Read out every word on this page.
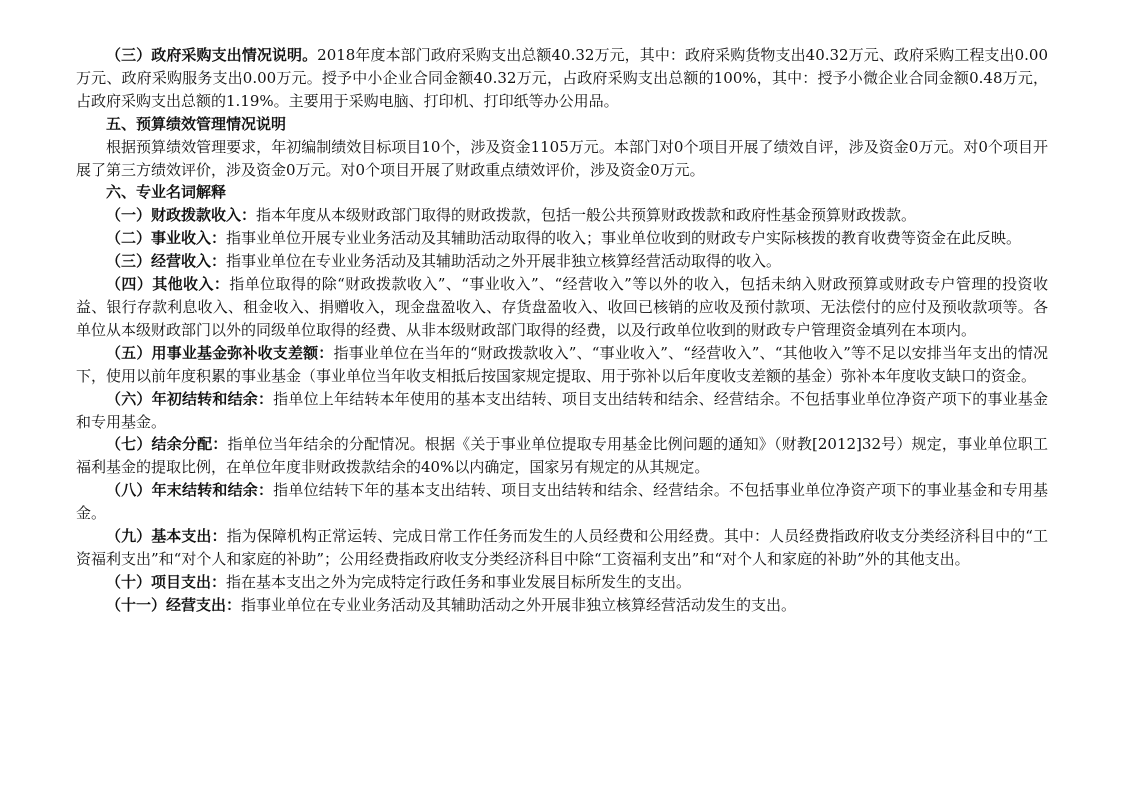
（三）政府采购支出情况说明。2018年度本部门政府采购支出总额40.32万元，其中：政府采购货物支出40.32万元、政府采购工程支出0.00万元、政府采购服务支出0.00万元。授予中小企业合同金额40.32万元，占政府采购支出总额的100%，其中：授予小微企业合同金额0.48万元，占政府采购支出总额的1.19%。主要用于采购电脑、打印机、打印纸等办公用品。

五、预算绩效管理情况说明

根据预算绩效管理要求，年初编制绩效目标项目10个，涉及资金1105万元。本部门对0个项目开展了绩效自评，涉及资金0万元。对0个项目开展了第三方绩效评价，涉及资金0万元。对0个项目开展了财政重点绩效评价，涉及资金0万元。

六、专业名词解释

（一）财政拨款收入：指本年度从本级财政部门取得的财政拨款，包括一般公共预算财政拨款和政府性基金预算财政拨款。

（二）事业收入：指事业单位开展专业业务活动及其辅助活动取得的收入；事业单位收到的财政专户实际核拨的教育收费等资金在此反映。

（三）经营收入：指事业单位在专业业务活动及其辅助活动之外开展非独立核算经营活动取得的收入。

（四）其他收入：指单位取得的除“财政拨款收入”、“事业收入”、“经营收入”等以外的收入，包括未纳入财政预算或财政专户管理的投资收益、银行存款利息收入、租金收入、捐赠收入，现金盘盈收入、存货盘盈收入、收回已核销的应收及预付款项、无法偿付的应付及预收款项等。各单位从本级财政部门以外的同级单位取得的经费、从非本级财政部门取得的经费，以及行政单位收到的财政专户管理资金填列在本项内。

（五）用事业基金弥补收支差额：指事业单位在当年的“财政拨款收入”、“事业收入”、“经营收入”、“其他收入”等不足以安排当年支出的情况下，使用以前年度积累的事业基金（事业单位当年收支相抵后按国家规定提取、用于弥补以后年度收支差额的基金）弥补本年度收支缺口的资金。

（六）年初结转和结余：指单位上年结转本年使用的基本支出结转、项目支出结转和结余、经营结余。不包括事业单位净资产项下的事业基金和专用基金。

（七）结余分配：指单位当年结余的分配情况。根据《关于事业单位提取专用基金比例问题的通知》（财教[2012]32号）规定，事业单位职工福利基金的提取比例，在单位年度非财政拨款结余的40%以内确定，国家另有规定的从其规定。

（八）年末结转和结余：指单位结转下年的基本支出结转、项目支出结转和结余、经营结余。不包括事业单位净资产项下的事业基金和专用基金。

（九）基本支出：指为保障机构正常运转、完成日常工作任务而发生的人员经费和公用经费。其中：人员经费指政府收支分类经济科目中的“工资福利支出”和“对个人和家庭的补助”；公用经费指政府收支分类经济科目中除“工资福利支出”和“对个人和家庭的补助”外的其他支出。

（十）项目支出：指在基本支出之外为完成特定行政任务和事业发展目标所发生的支出。

（十一）经营支出：指事业单位在专业业务活动及其辅助活动之外开展非独立核算经营活动发生的支出。
